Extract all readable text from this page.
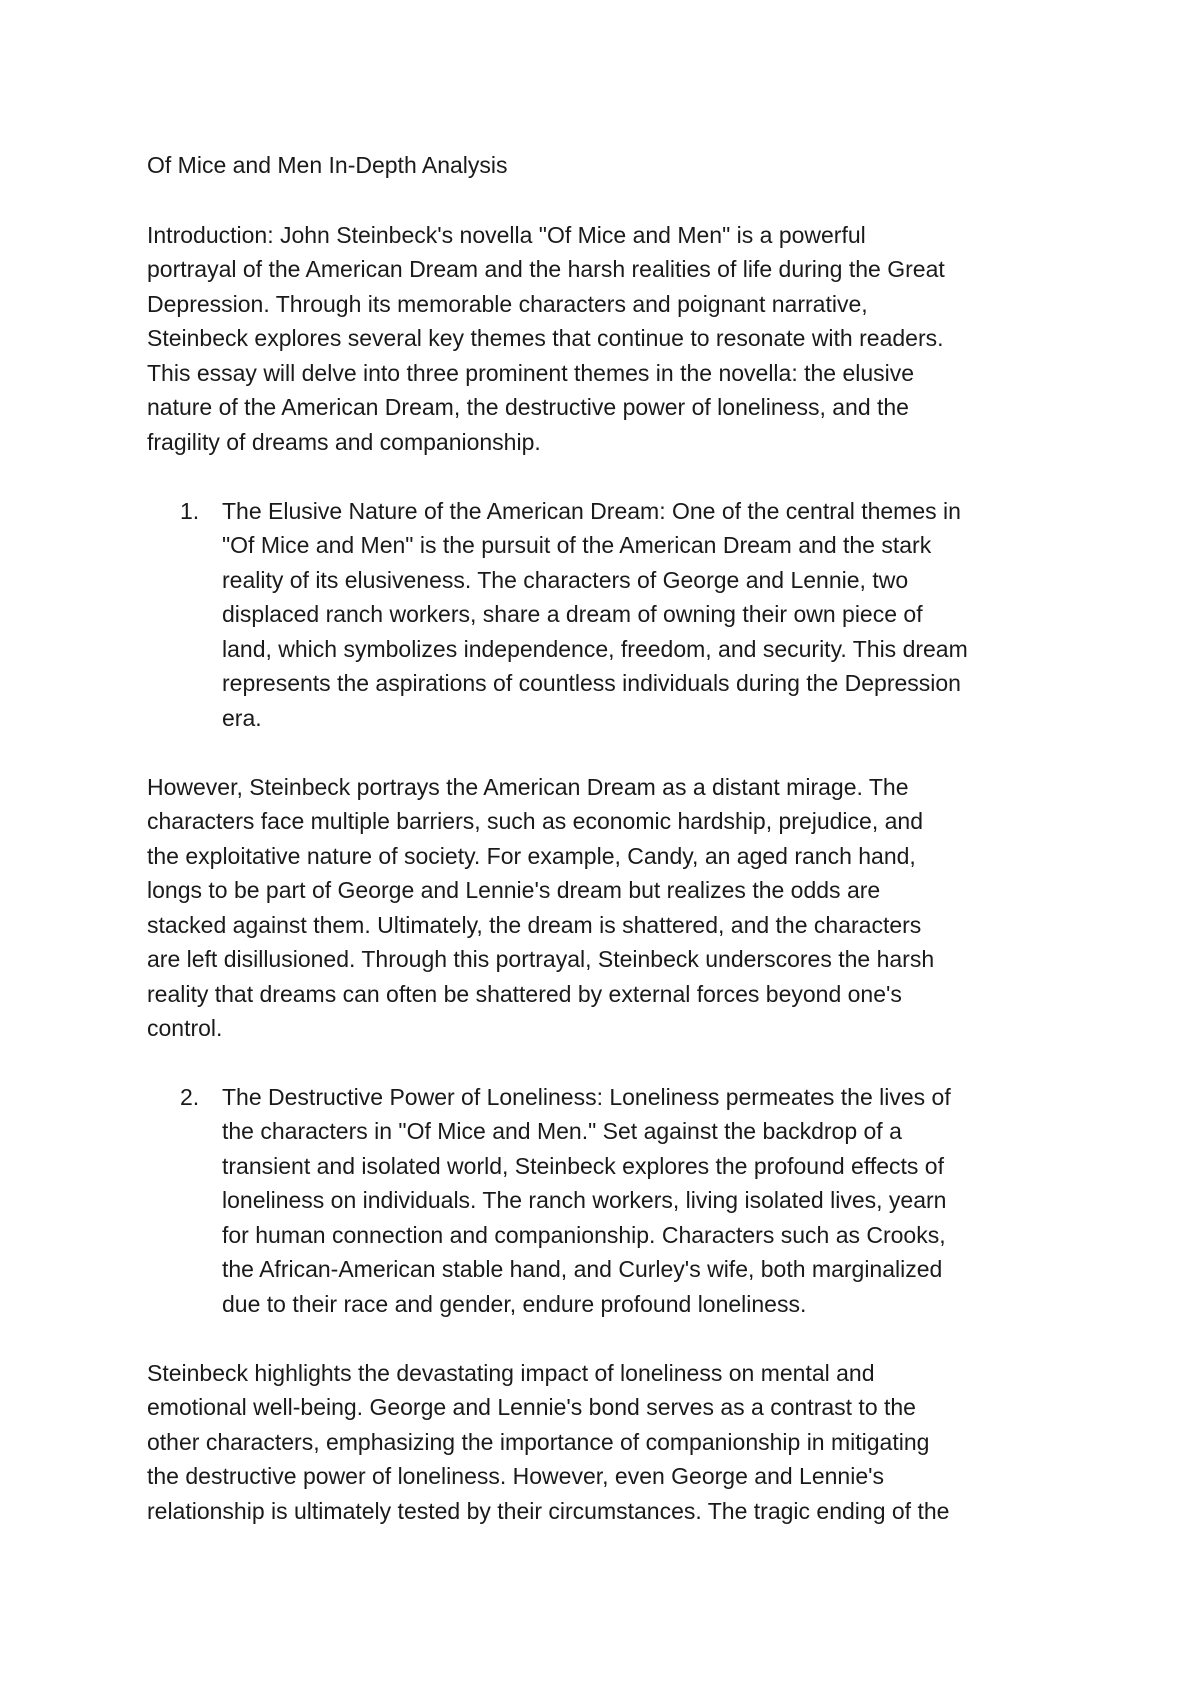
Of Mice and Men In-Depth Analysis
Introduction: John Steinbeck's novella "Of Mice and Men" is a powerful
portrayal of the American Dream and the harsh realities of life during the Great
Depression. Through its memorable characters and poignant narrative,
Steinbeck explores several key themes that continue to resonate with readers.
This essay will delve into three prominent themes in the novella: the elusive
nature of the American Dream, the destructive power of loneliness, and the
fragility of dreams and companionship.
1. The Elusive Nature of the American Dream: One of the central themes in
"Of Mice and Men" is the pursuit of the American Dream and the stark
reality of its elusiveness. The characters of George and Lennie, two
displaced ranch workers, share a dream of owning their own piece of
land, which symbolizes independence, freedom, and security. This dream
represents the aspirations of countless individuals during the Depression
era.
However, Steinbeck portrays the American Dream as a distant mirage. The
characters face multiple barriers, such as economic hardship, prejudice, and
the exploitative nature of society. For example, Candy, an aged ranch hand,
longs to be part of George and Lennie's dream but realizes the odds are
stacked against them. Ultimately, the dream is shattered, and the characters
are left disillusioned. Through this portrayal, Steinbeck underscores the harsh
reality that dreams can often be shattered by external forces beyond one's
control.
2. The Destructive Power of Loneliness: Loneliness permeates the lives of
the characters in "Of Mice and Men." Set against the backdrop of a
transient and isolated world, Steinbeck explores the profound effects of
loneliness on individuals. The ranch workers, living isolated lives, yearn
for human connection and companionship. Characters such as Crooks,
the African-American stable hand, and Curley's wife, both marginalized
due to their race and gender, endure profound loneliness.
Steinbeck highlights the devastating impact of loneliness on mental and
emotional well-being. George and Lennie's bond serves as a contrast to the
other characters, emphasizing the importance of companionship in mitigating
the destructive power of loneliness. However, even George and Lennie's
relationship is ultimately tested by their circumstances. The tragic ending of the
